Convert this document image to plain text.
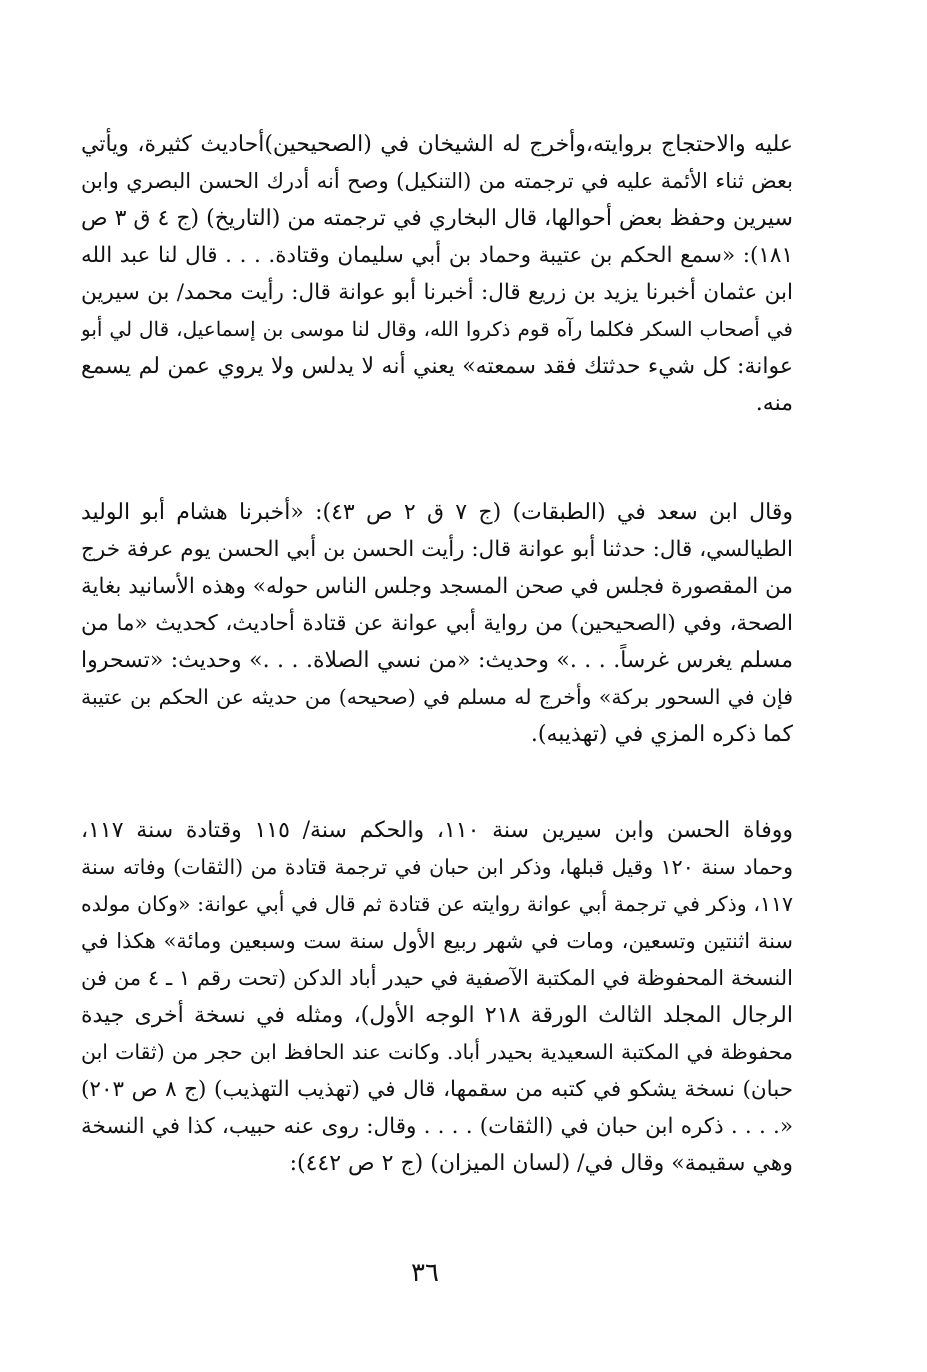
عليه والاحتجاج بروايته،وأخرج له الشيخان في (الصحيحين)أحاديث كثيرة، ويأتي
بعض ثناء الأئمة عليه في ترجمته من (التنكيل) وصح أنه أدرك الحسن البصري وابن
سيرين وحفظ بعض أحوالها، قال البخاري في ترجمته من (التاريخ) (ج ٤ ق ٣ ص
١٨١): «سمع الحكم بن عتيبة وحماد بن أبي سليمان وقتادة. . . . قال لنا عبد الله
ابن عثمان أخبرنا يزيد بن زريع قال: أخبرنا أبو عوانة قال: رأيت محمد/ بن سيرين
في أصحاب السكر فكلما رآه قوم ذكروا الله، وقال لنا موسى بن إسماعيل، قال لي أبو
عوانة: كل شيء حدثتك فقد سمعته» يعني أنه لا يدلس ولا يروي عمن لم يسمع
منه.
وقال ابن سعد في (الطبقات) (ج ٧ ق ٢ ص ٤٣): «أخبرنا هشام أبو الوليد
الطيالسي، قال: حدثنا أبو عوانة قال: رأيت الحسن بن أبي الحسن يوم عرفة خرج
من المقصورة فجلس في صحن المسجد وجلس الناس حوله» وهذه الأسانيد بغاية
الصحة، وفي (الصحيحين) من رواية أبي عوانة عن قتادة أحاديث، كحديث «ما من
مسلم يغرس غرساً. . . .» وحديث: «من نسي الصلاة. . . .» وحديث: «تسحروا
فإن في السحور بركة» وأخرج له مسلم في (صحيحه) من حديثه عن الحكم بن عتيبة
كما ذكره المزي في (تهذيبه).
ووفاة الحسن وابن سيرين سنة ١١٠، والحكم سنة/ ١١٥ وقتادة سنة ١١٧،
وحماد سنة ١٢٠ وقيل قبلها، وذكر ابن حبان في ترجمة قتادة من (الثقات) وفاته سنة
١١٧، وذكر في ترجمة أبي عوانة روايته عن قتادة ثم قال في أبي عوانة: «وكان مولده
سنة اثنتين وتسعين، ومات في شهر ربيع الأول سنة ست وسبعين ومائة» هكذا في
النسخة المحفوظة في المكتبة الآصفية في حيدر أباد الدكن (تحت رقم ١ ـ ٤ من فن
الرجال المجلد الثالث الورقة ٢١٨ الوجه الأول)، ومثله في نسخة أخرى جيدة
محفوظة في المكتبة السعيدية بحيدر أباد. وكانت عند الحافظ ابن حجر من (ثقات ابن
حبان) نسخة يشكو في كتبه من سقمها، قال في (تهذيب التهذيب) (ج ٨ ص ٢٠٣)
«. . . . ذكره ابن حبان في (الثقات) . . . . وقال: روى عنه حبيب، كذا في النسخة
وهي سقيمة» وقال في/ (لسان الميزان) (ج ٢ ص ٤٤٢):
٣٦
